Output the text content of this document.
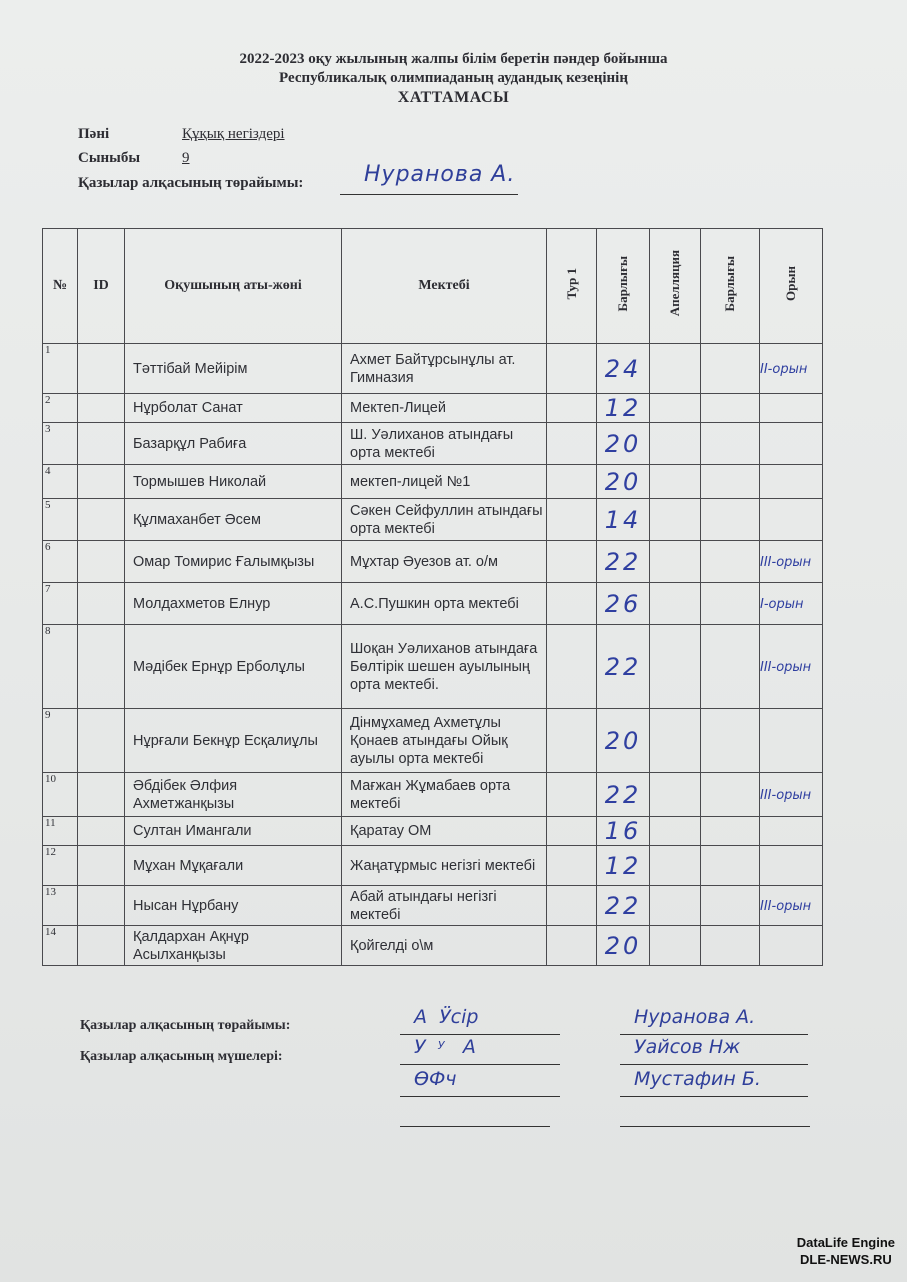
2022-2023 оқу жылының жалпы білім беретін пәндер бойынша
Республикалық олимпиаданың аудандық кезеңінің
ХАТТАМАСЫ
Пәні	Құқық негіздері
Сыныбы	9
Қазылар алқасының төрайымы:	Нуранова А.
№	ID	Оқушының аты-жөні	Мектебі	Тур 1	Барлығы	Апелляция	Барлығы	Орын
1		Тәттібай Мейірім	Ахмет Байтұрсынұлы ат. Гимназия		24			II-орын
2		Нұрболат Санат	Мектеп-Лицей		12			
3		Базарқұл Рабиға	Ш. Уәлиханов атындағы орта мектебі		20			
4		Тормышев Николай	мектеп-лицей №1		20			
5		Құлмаханбет Әсем	Сәкен Сейфуллин атындағы орта мектебі		14			
6		Омар Томирис Ғалымқызы	Мұхтар Әуезов ат. о/м		22			III-орын
7		Молдахметов Елнур	А.С.Пушкин орта мектебі		26			I-орын
8		Мәдібек Ернұр Ерболұлы	Шоқан Уәлиханов атындаға Бөлтірік шешен ауылының орта мектебі.		22			III-орын
9		Нұрғали Бекнұр Есқалиұлы	Дінмұхамед Ахметұлы Қонаев атындағы Ойық ауылы орта мектебі		20			
10		Әбдібек Әлфия Ахметжанқызы	Мағжан Жұмабаев орта мектебі		22			III-орын
11		Султан Имангали	Қаратау ОМ		16			
12		Мұхан Мұқағали	Жаңатұрмыс негізгі мектебі		12			
13		Нысан Нұрбану	Абай атындағы негізгі мектебі		22			III-орын
14		Қалдархан Ақнұр Асылханқызы	Қойгелді о\м		20			
Қазылар алқасының төрайымы:
Қазылар алқасының мүшелері:
А  Ӱсір
У  ʸ   А
ӨФч
Нуранова А.
Уайсов Нж
Мустафин Б.
DataLife Engine
DLE-NEWS.RU
